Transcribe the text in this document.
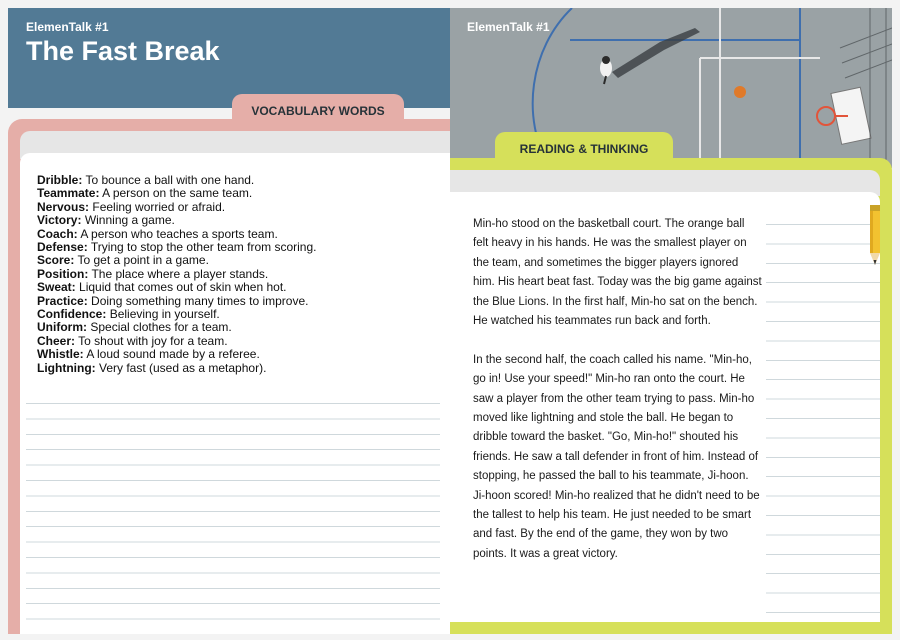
ElemenTalk #1
The Fast Break
VOCABULARY WORDS
Dribble: To bounce a ball with one hand.
Teammate: A person on the same team.
Nervous: Feeling worried or afraid.
Victory: Winning a game.
Coach: A person who teaches a sports team.
Defense: Trying to stop the other team from scoring.
Score: To get a point in a game.
Position: The place where a player stands.
Sweat: Liquid that comes out of skin when hot.
Practice: Doing something many times to improve.
Confidence: Believing in yourself.
Uniform: Special clothes for a team.
Cheer: To shout with joy for a team.
Whistle: A loud sound made by a referee.
Lightning: Very fast (used as a metaphor).
ElemenTalk #1
READING & THINKING

Min-ho stood on the basketball court. The orange ball felt heavy in his hands. He was the smallest player on the team, and sometimes the bigger players ignored him. His heart beat fast. Today was the big game against the Blue Lions. In the first half, Min-ho sat on the bench. He watched his teammates run back and forth.

In the second half, the coach called his name. "Min-ho, go in! Use your speed!" Min-ho ran onto the court. He saw a player from the other team trying to pass. Min-ho moved like lightning and stole the ball. He began to dribble toward the basket. "Go, Min-ho!" shouted his friends. He saw a tall defender in front of him. Instead of stopping, he passed the ball to his teammate, Ji-hoon. Ji-hoon scored! Min-ho realized that he didn't need to be the tallest to help his team. He just needed to be smart and fast. By the end of the game, they won by two points. It was a great victory.
